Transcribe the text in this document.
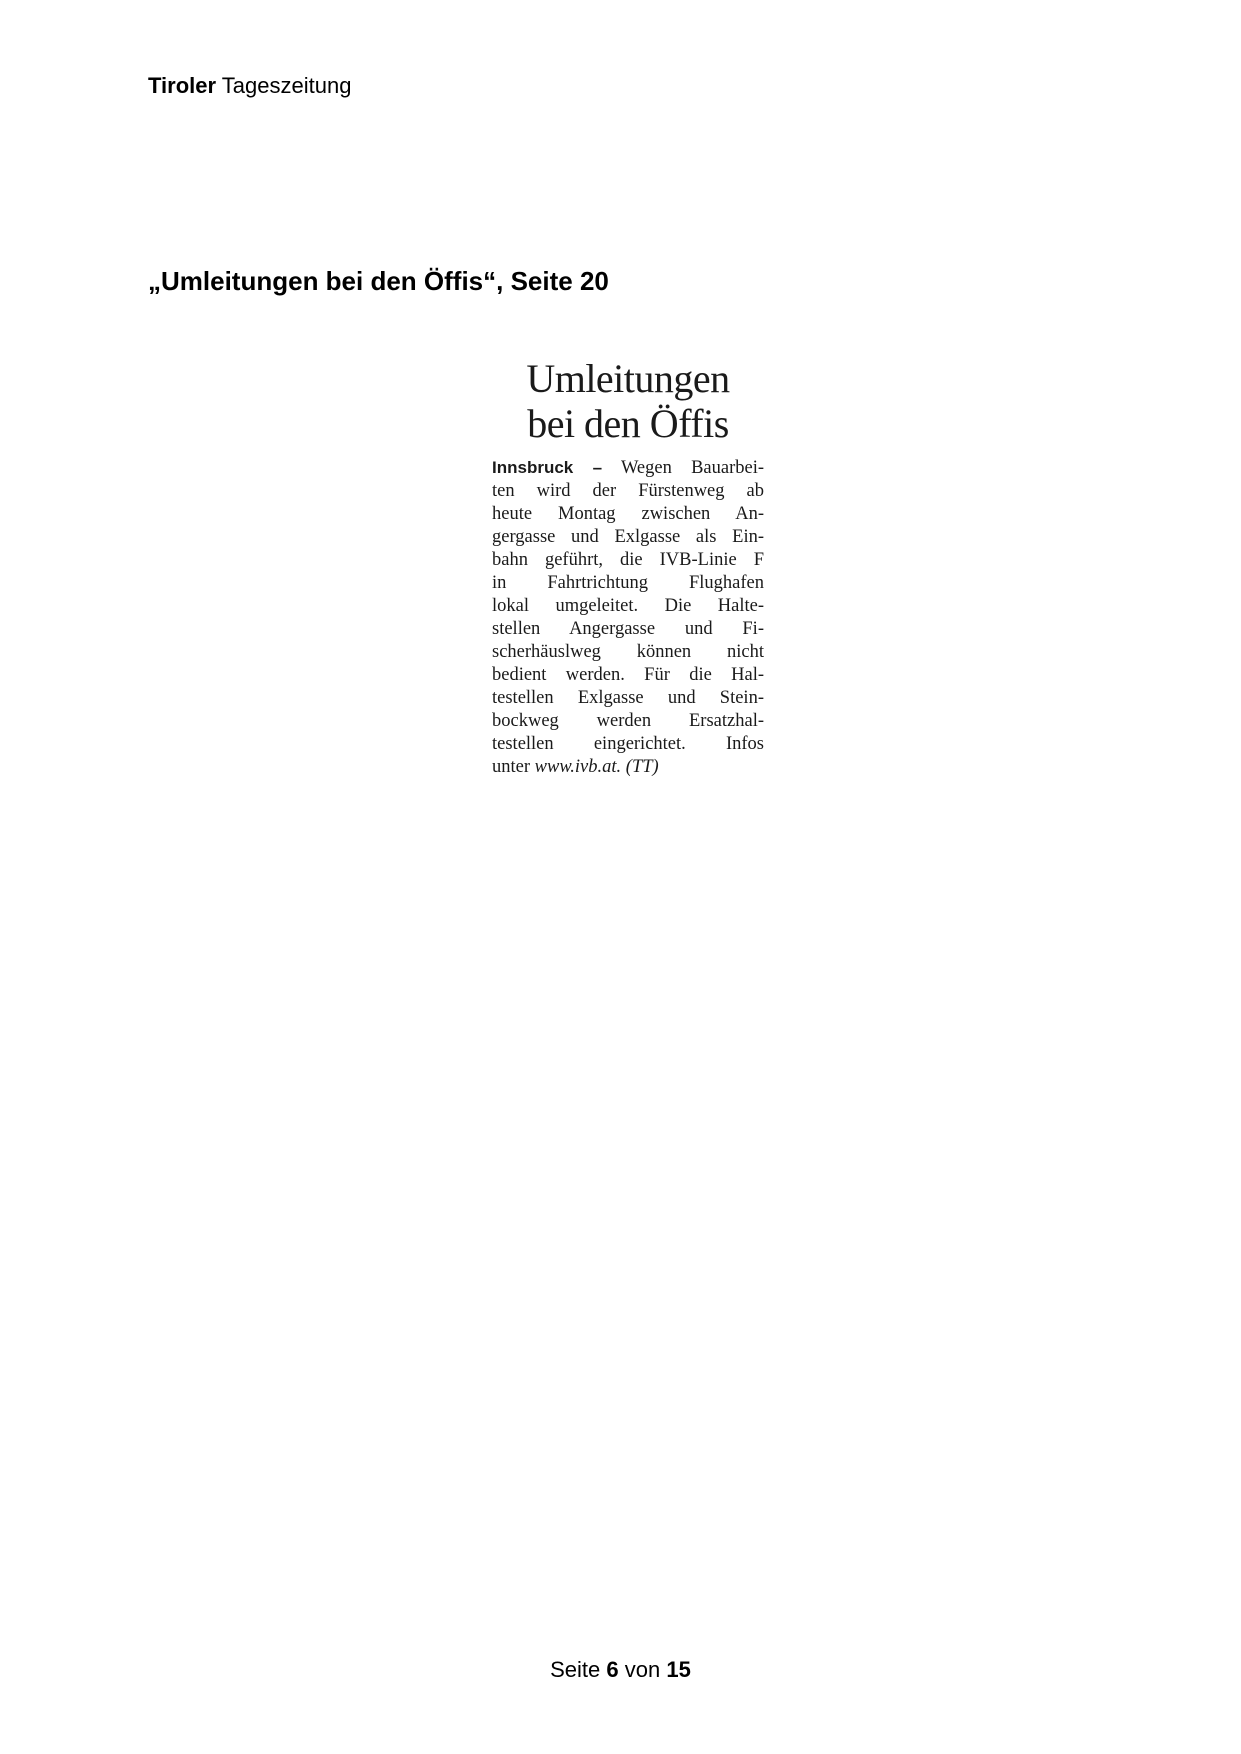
Tiroler Tageszeitung
„Umleitungen bei den Öffis“, Seite 20
Umleitungen
bei den Öffis
Innsbruck – Wegen Bauarbei-
ten wird der Fürstenweg ab
heute Montag zwischen An-
gergasse und Exlgasse als Ein-
bahn geführt, die IVB-Linie F
in Fahrtrichtung Flughafen
lokal umgeleitet. Die Halte-
stellen Angergasse und Fi-
scherhäuslweg können nicht
bedient werden. Für die Hal-
testellen Exlgasse und Stein-
bockweg werden Ersatzhal-
testellen eingerichtet. Infos
unter www.ivb.at. (TT)
Seite 6 von 15
